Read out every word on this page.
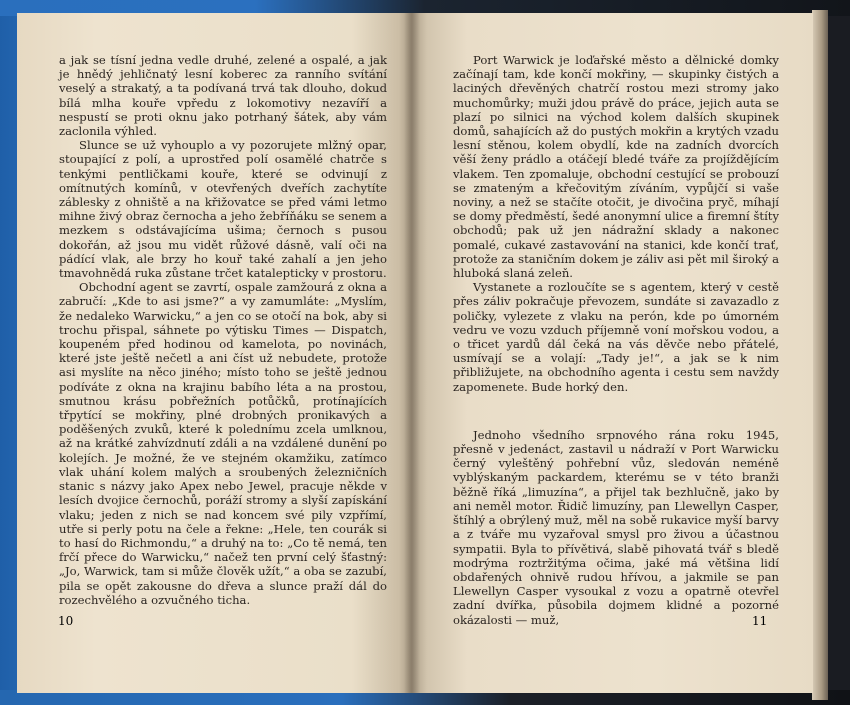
a jak se tísní jedna vedle druhé, zelené a ospalé, a jak je hnědý jehličnatý lesní koberec za ranního svítání veselý a strakatý, a ta podívaná trvá tak dlouho, dokud bílá mlha kouře vpředu z lokomotivy nezavíří a nespustí se proti oknu jako potrhaný šátek, aby vám zaclonila výhled.

Slunce se už vyhouplo a vy pozorujete mlžný opar, stoupající z polí, a uprostřed polí osamělé chatrče s tenkými pentličkami kouře, které se odvinují z omítnutých komínů, v otevřených dveřích zachytíte záblesky z ohniště a na křižovatce se před vámi letmo mihne živý obraz černocha a jeho žebříňáku se senem a mezkem s odstávajícíma ušima; černoch s pusou dokořán, až jsou mu vidět růžové dásně, valí oči na pádící vlak, ale brzy ho kouř také zahalí a jen jeho tmavohnědá ruka zůstane trčet katalepticky v prostoru.

Obchodní agent se zavrtí, ospale zamžourá z okna a zabručí: „Kde to asi jsme?“ a vy zamumláte: „Myslím, že nedaleko Warwicku,“ a jen co se otočí na bok, aby si trochu přispal, sáhnete po výtisku Times — Dispatch, koupeném před hodinou od kamelota, po novinách, které jste ještě nečetl a ani číst už nebudete, protože asi myslíte na něco jiného; místo toho se ještě jednou podíváte z okna na krajinu babího léta a na prostou, smutnou krásu pobřežních potůčků, protínajících třpytící se mokřiny, plné drobných pronikavých a poděšených zvuků, které k polednímu zcela umlknou, až na krátké zahvízdnutí zdáli a na vzdálené dunění po kolejích. Je možné, že ve stejném okamžiku, zatímco vlak uhání kolem malých a sroubených železničních stanic s názvy jako Apex nebo Jewel, pracuje někde v lesích dvojice černochů, poráží stromy a slyší zapískání vlaku; jeden z nich se nad koncem své pily vzpřímí, utře si perly potu na čele a řekne: „Hele, ten courák si to hasí do Richmondu,“ a druhý na to: „Co tě nemá, ten frčí přece do Warwicku,“ načež ten první celý šťastný: „Jo, Warwick, tam si může člověk užít,“ a oba se zazubí, pila se opět zakousne do dřeva a slunce praží dál do rozechvělého a ozvučného ticha.

Port Warwick je loďařské město a dělnické domky začínají tam, kde končí mokřiny, — skupinky čistých a laciných dřevěných chatrčí rostou mezi stromy jako muchomůrky; muži jdou právě do práce, jejich auta se plazí po silnici na východ kolem dalších skupinek domů, sahajících až do pustých mokřin a krytých vzadu lesní stěnou, kolem obydlí, kde na zadních dvorcích věší ženy prádlo a otáčejí bledé tváře za projíždějícím vlakem. Ten zpomaluje, obchodní cestující se probouzí se zmateným a křečovitým zíváním, vypůjčí si vaše noviny, a než se stačíte otočit, je divočina pryč, míhají se domy předměstí, šedé anonymní ulice a firemní štíty obchodů; pak už jen nádražní sklady a nakonec pomalé, cukavé zastavování na stanici, kde končí trať, protože za staničním dokem je záliv asi pět mil široký a hluboká slaná zeleň.

Vystanete a rozloučíte se s agentem, který v cestě přes záliv pokračuje převozem, sundáte si zavazadlo z poličky, vylezete z vlaku na perón, kde po úmorném vedru ve vozu vzduch příjemně voní mořskou vodou, a o třicet yardů dál čeká na vás děvče nebo přátelé, usmívají se a volají: „Tady je!“, a jak se k nim přibližujete, na obchodního agenta i cestu sem navždy zapomenete. Bude horký den.

Jednoho všedního srpnového rána roku 1945, přesně v jedenáct, zastavil u nádraží v Port Warwicku černý vyleštěný pohřební vůz, sledován neméně vyblýskaným packardem, kterému se v této branži běžně říká „limuzína“, a přijel tak bezhlučně, jako by ani neměl motor. Řidič limuzíny, pan Llewellyn Casper, štíhlý a obrýlený muž, měl na sobě rukavice myší barvy a z tváře mu vyzařoval smysl pro živou a účastnou sympatii. Byla to přívětivá, slabě pihovatá tvář s bledě modrýma roztržitýma očima, jaké má většina lidí obdařených ohnivě rudou hřívou, a jakmile se pan Llewellyn Casper vysoukal z vozu a opatrně otevřel zadní dvířka, působila dojmem klidné a pozorné okázalosti — muž,

10	11
